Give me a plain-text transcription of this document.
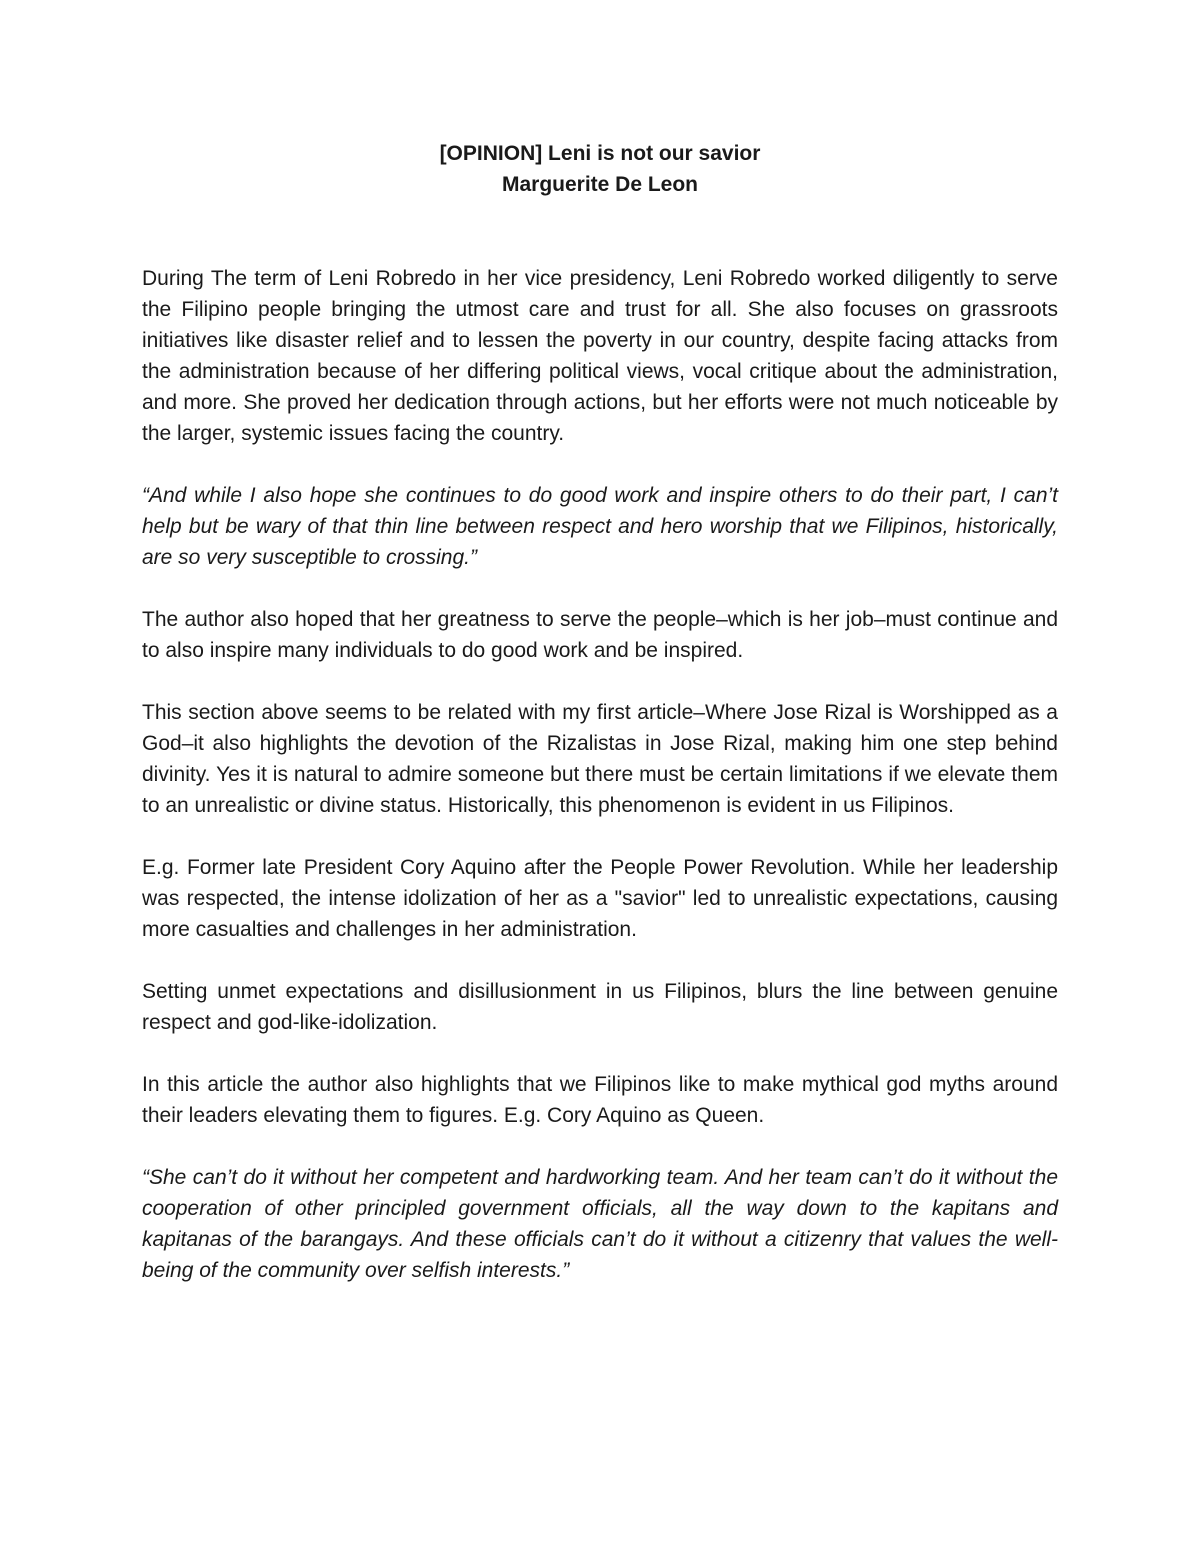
[OPINION] Leni is not our savior
Marguerite De Leon

During The term of Leni Robredo in her vice presidency, Leni Robredo worked diligently to serve the Filipino people bringing the utmost care and trust for all. She also focuses on grassroots initiatives like disaster relief and to lessen the poverty in our country, despite facing attacks from the administration because of her differing political views, vocal critique about the administration, and more. She proved her dedication through actions, but her efforts were not much noticeable by the larger, systemic issues facing the country.

“And while I also hope she continues to do good work and inspire others to do their part, I can’t help but be wary of that thin line between respect and hero worship that we Filipinos, historically, are so very susceptible to crossing.”

The author also hoped that her greatness to serve the people–which is her job–must continue and to also inspire many individuals to do good work and be inspired.

This section above seems to be related with my first article–Where Jose Rizal is Worshipped as a God–it also highlights the devotion of the Rizalistas in Jose Rizal, making him one step behind divinity. Yes it is natural to admire someone but there must be certain limitations if we elevate them to an unrealistic or divine status. Historically, this phenomenon is evident in us Filipinos.

E.g. Former late President Cory Aquino after the People Power Revolution. While her leadership was respected, the intense idolization of her as a "savior" led to unrealistic expectations, causing more casualties and challenges in her administration.

Setting unmet expectations and disillusionment in us Filipinos, blurs the line between genuine respect and god-like-idolization.

In this article the author also highlights that we Filipinos like to make mythical god myths around their leaders elevating them to figures. E.g. Cory Aquino as Queen.

“She can’t do it without her competent and hardworking team. And her team can’t do it without the cooperation of other principled government officials, all the way down to the kapitans and kapitanas of the barangays. And these officials can’t do it without a citizenry that values the well-being of the community over selfish interests.”
